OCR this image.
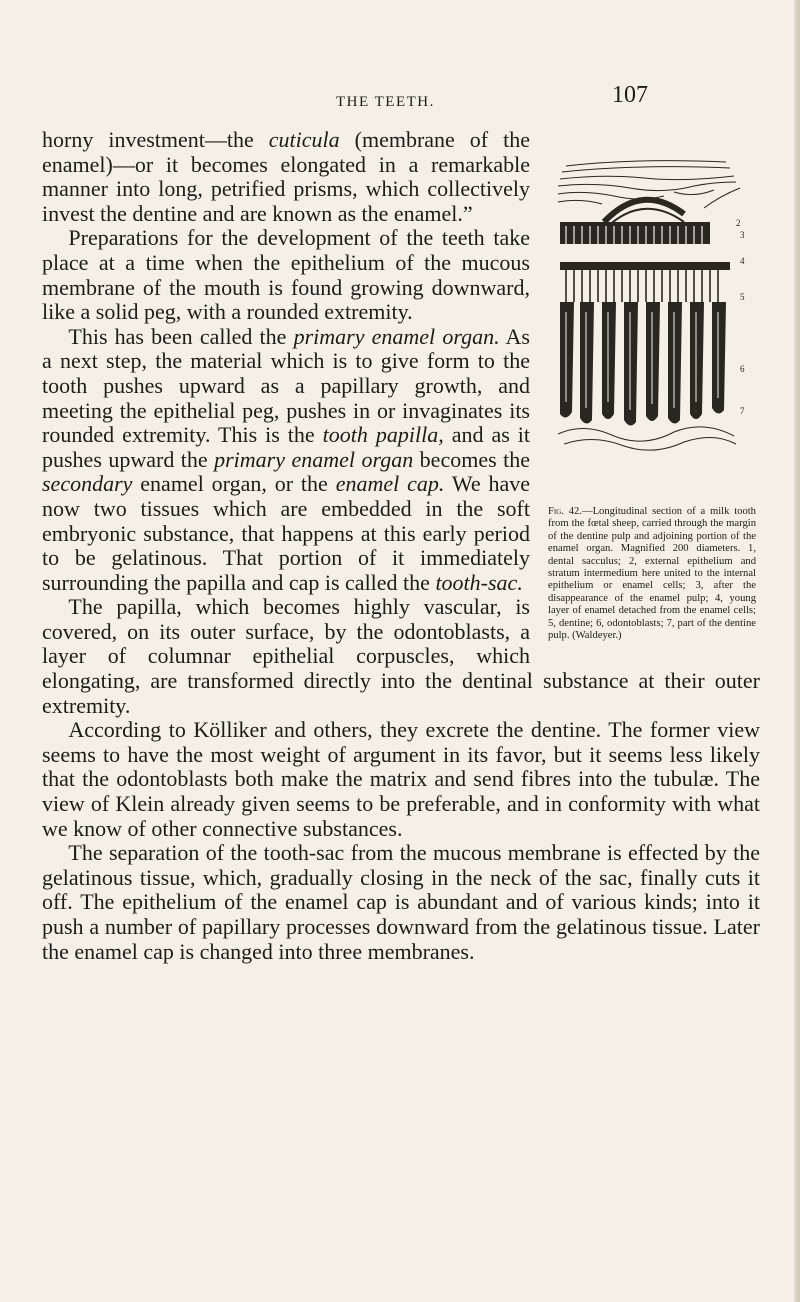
THE TEETH.	107
2
3
4
5
6
7
Fig. 42.—Longitudinal section of a milk tooth from the fœtal sheep, carried through the margin of the dentine pulp and adjoining portion of the enamel organ. Magnified 200 diameters. 1, dental sacculus; 2, external epithelium and stratum intermedium here united to the internal epithelium or enamel cells; 3, after the disappearance of the enamel pulp; 4, young layer of enamel detached from the enamel cells; 5, dentine; 6, odontoblasts; 7, part of the dentine pulp. (Waldeyer.)

horny investment—the cuticula (membrane of the enamel)—or it becomes elongated in a remarkable manner into long, petrified prisms, which collectively invest the dentine and are known as the enamel.”

Preparations for the development of the teeth take place at a time when the epithelium of the mucous membrane of the mouth is found growing downward, like a solid peg, with a rounded extremity.

This has been called the primary enamel organ. As a next step, the material which is to give form to the tooth pushes upward as a papillary growth, and meeting the epithelial peg, pushes in or invaginates its rounded extremity. This is the tooth papilla, and as it pushes upward the primary enamel organ becomes the secondary enamel organ, or the enamel cap. We have now two tissues which are embedded in the soft embryonic substance, that happens at this early period to be gelatinous. That portion of it immediately surrounding the papilla and cap is called the tooth-sac.

The papilla, which becomes highly vascular, is covered, on its outer surface, by the odontoblasts, a layer of columnar epithelial corpuscles, which elongating, are transformed directly into the dentinal substance at their outer extremity.

According to Kölliker and others, they excrete the dentine. The former view seems to have the most weight of argument in its favor, but it seems less likely that the odontoblasts both make the matrix and send fibres into the tubulæ. The view of Klein already given seems to be preferable, and in conformity with what we know of other connective substances.

The separation of the tooth-sac from the mucous membrane is effected by the gelatinous tissue, which, gradually closing in the neck of the sac, finally cuts it off. The epithelium of the enamel cap is abundant and of various kinds; into it push a number of papillary processes downward from the gelatinous tissue. Later the enamel cap is changed into three membranes.
